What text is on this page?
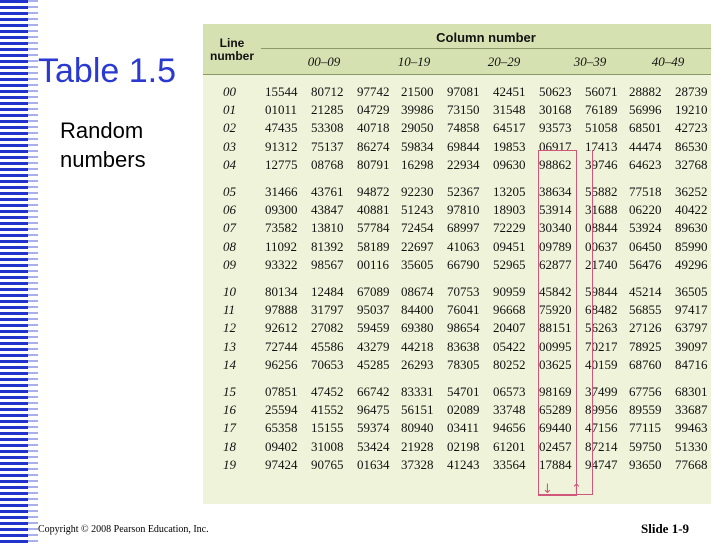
Table 1.5
Random
numbers
Line
number
Column number
00–09	10–19	20–29	30–39	40–49
00	15544	80712	97742 21500	97081	42451	50623	56071 28882	28739
01	01011	21285	04729 39986	73150	31548	30168	76189 56996	19210
02	47435	53308	40718 29050	74858	64517	93573	51058 68501	42723
03	91312	75137	86274 59834	69844	19853	06917	17413 44474	86530
04	12775	08768	80791 16298	22934	09630	98862	39746 64623	32768
05	31466	43761	94872 92230	52367	13205	38634	55882 77518	36252
06	09300	43847	40881 51243	97810	18903	53914	31688 06220	40422
07	73582	13810	57784 72454	68997	72229	30340	08844 53924	89630
08	11092	81392	58189 22697	41063	09451	09789	00637 06450	85990
09	93322	98567	00116 35605	66790	52965	62877	21740 56476	49296
10	80134	12484	67089 08674	70753	90959	45842	59844 45214	36505
11	97888	31797	95037 84400	76041	96668	75920	68482 56855	97417
12	92612	27082	59459 69380	98654	20407	88151	56263 27126	63797
13	72744	45586	43279 44218	83638	05422	00995	70217 78925	39097
14	96256	70653	45285 26293	78305	80252	03625	40159 68760	84716
15	07851	47452	66742 83331	54701	06573	98169	37499 67756	68301
16	25594	41552	96475 56151	02089	33748	65289	89956 89559	33687
17	65358	15155	59374 80940	03411	94656	69440	47156 77115	99463
18	09402	31008	53424 21928	02198	61201	02457	87214 59750	51330
19	97424	90765	01634 37328	41243	33564	17884	94747 93650	77668
↓ ↑
Copyright © 2008 Pearson Education, Inc.	Slide 1-9
